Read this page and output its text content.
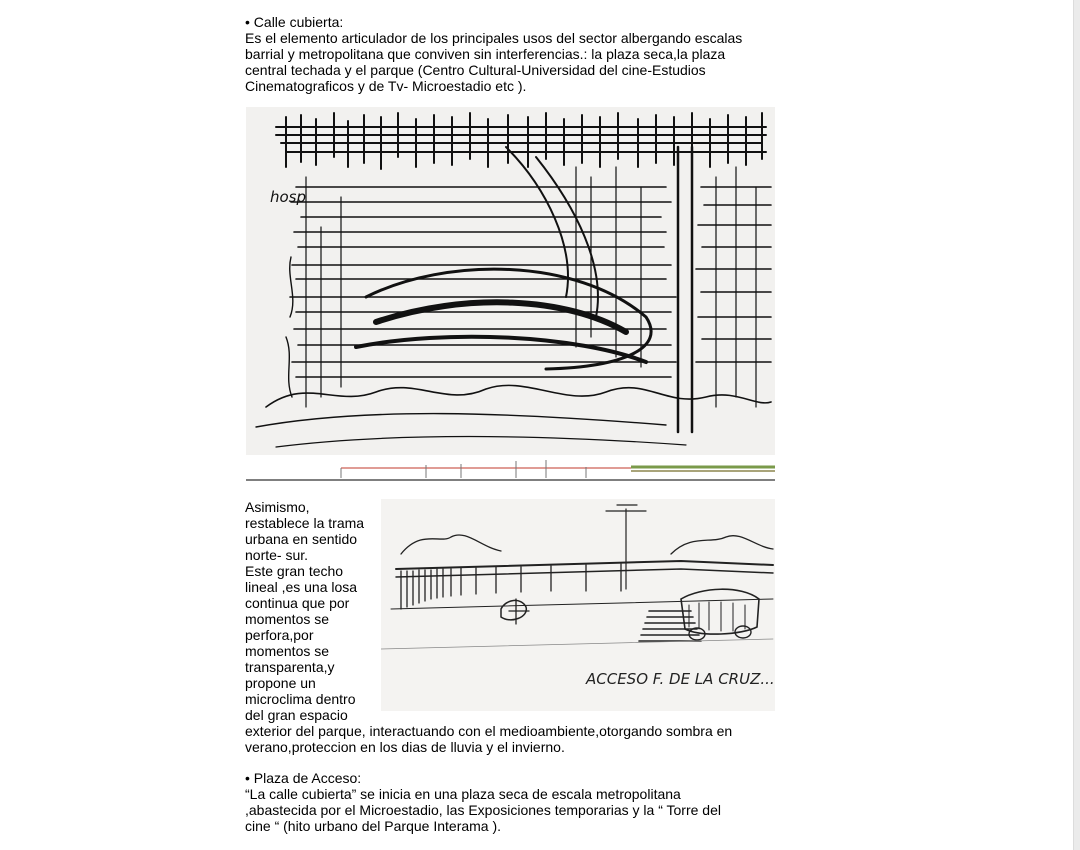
• Calle cubierta:

Es el elemento articulador de los principales usos del sector albergando escalas

barrial y metropolitana que conviven sin interferencias.: la plaza seca,la plaza

central techada y el parque (Centro Cultural-Universidad del cine-Estudios

Cinematograficos y de Tv- Microestadio etc ).

hosp

Asimismo,

restablece la trama

urbana en sentido

norte- sur.

Este gran techo

lineal ,es una losa

continua que por

momentos se

perfora,por

momentos se

transparenta,y

propone un

microclima dentro

del gran espacio

ACCESO F. DE LA CRUZ...

exterior del parque, interactuando con el medioambiente,otorgando sombra en

verano,proteccion en los dias de lluvia y el invierno.

• Plaza de Acceso:

“La calle cubierta” se inicia en una plaza seca de escala metropolitana

,abastecida por el Microestadio, las Exposiciones temporarias y la “ Torre del

cine “ (hito urbano del Parque Interama ).
